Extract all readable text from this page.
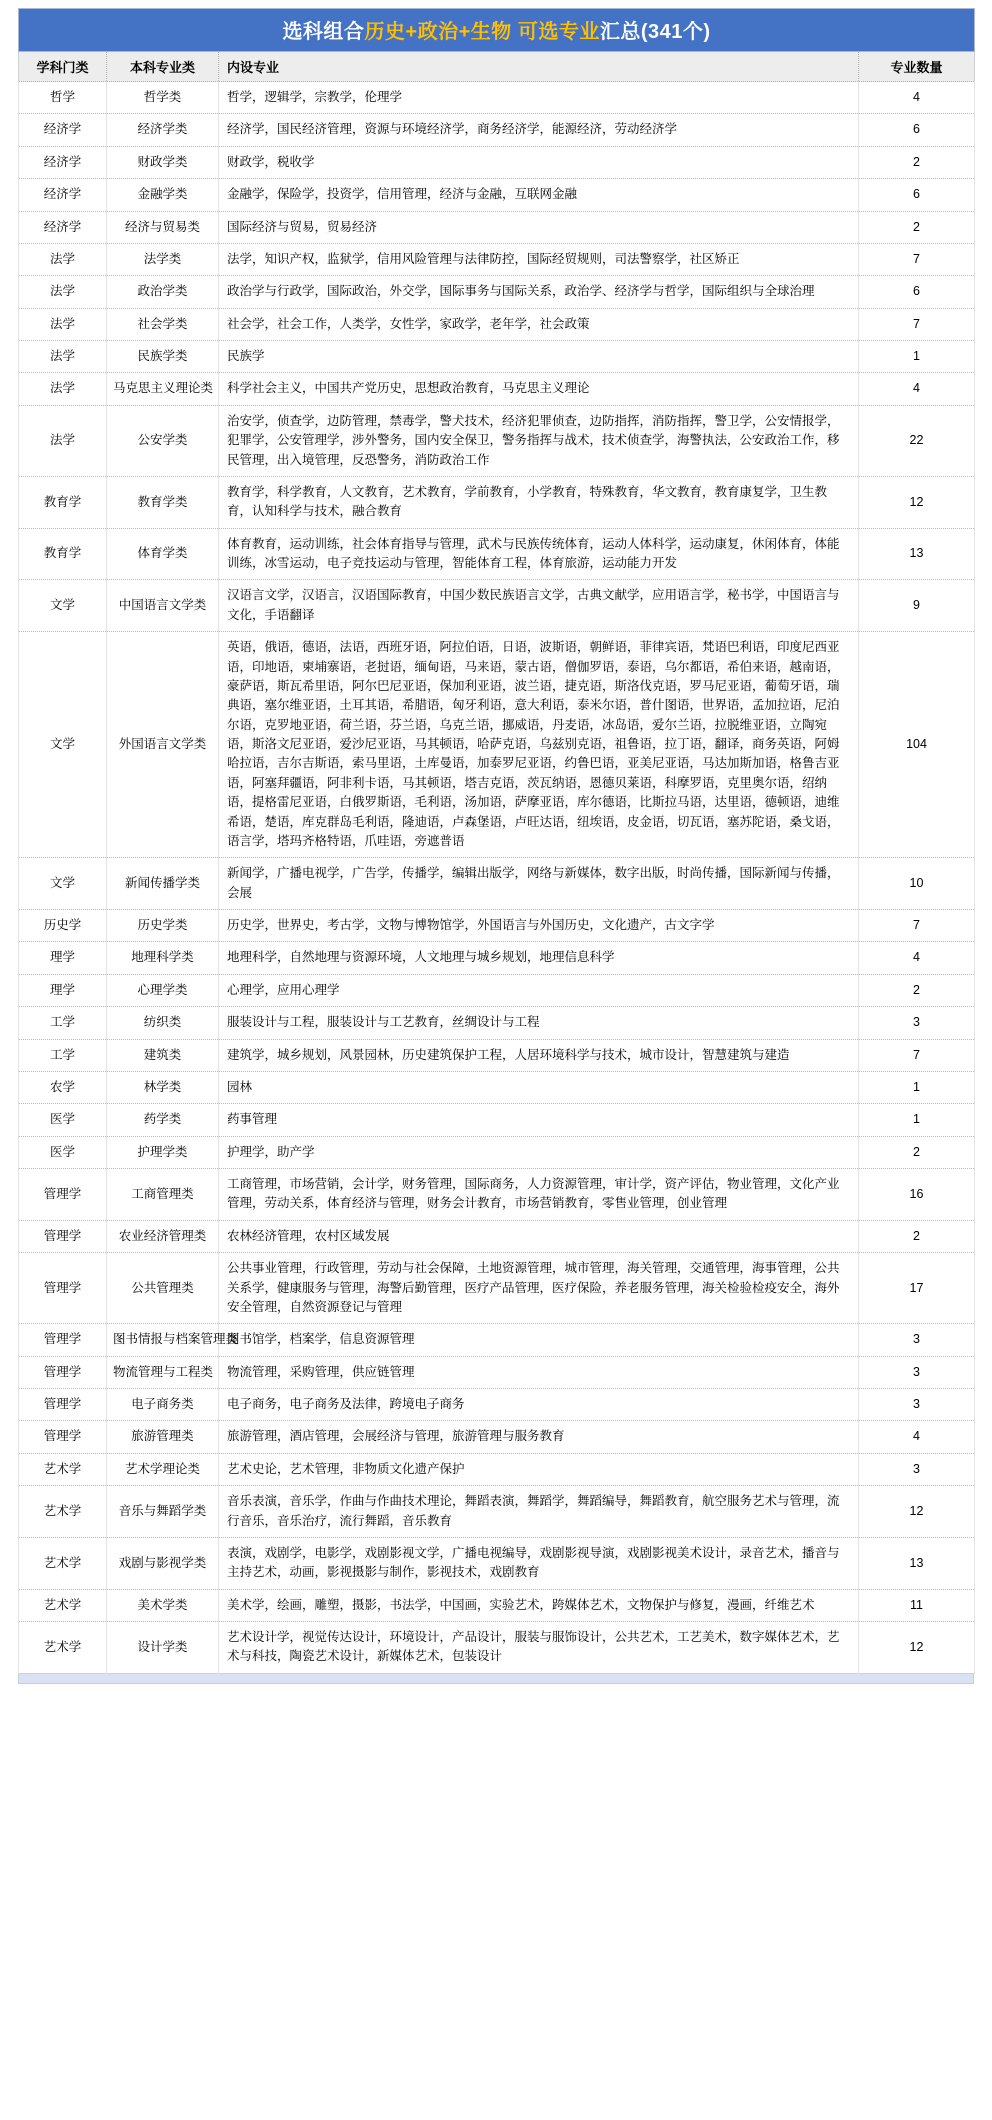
选科组合历史+政治+生物 可选专业汇总(341个)			
学科门类	本科专业类	内设专业	专业数量
哲学	哲学类	哲学，逻辑学，宗教学，伦理学	4
经济学	经济学类	经济学，国民经济管理，资源与环境经济学，商务经济学，能源经济，劳动经济学	6
经济学	财政学类	财政学，税收学	2
经济学	金融学类	金融学，保险学，投资学，信用管理，经济与金融，互联网金融	6
经济学	经济与贸易类	国际经济与贸易，贸易经济	2
法学	法学类	法学，知识产权，监狱学，信用风险管理与法律防控，国际经贸规则，司法警察学，社区矫正	7
法学	政治学类	政治学与行政学，国际政治，外交学，国际事务与国际关系，政治学、经济学与哲学，国际组织与全球治理	6
法学	社会学类	社会学，社会工作，人类学，女性学，家政学，老年学，社会政策	7
法学	民族学类	民族学	1
法学	马克思主义理论类	科学社会主义，中国共产党历史，思想政治教育，马克思主义理论	4
法学	公安学类	治安学，侦查学，边防管理，禁毒学，警犬技术，经济犯罪侦查，边防指挥，消防指挥，警卫学，公安情报学，犯罪学，公安管理学，涉外警务，国内安全保卫，警务指挥与战术，技术侦查学，海警执法，公安政治工作，移民管理，出入境管理，反恐警务，消防政治工作	22
教育学	教育学类	教育学，科学教育，人文教育，艺术教育，学前教育，小学教育，特殊教育，华文教育，教育康复学，卫生教育，认知科学与技术，融合教育	12
教育学	体育学类	体育教育，运动训练，社会体育指导与管理，武术与民族传统体育，运动人体科学，运动康复，休闲体育，体能训练，冰雪运动，电子竞技运动与管理，智能体育工程，体育旅游，运动能力开发	13
文学	中国语言文学类	汉语言文学，汉语言，汉语国际教育，中国少数民族语言文学，古典文献学，应用语言学，秘书学，中国语言与文化，手语翻译	9
文学	外国语言文学类	英语，俄语，德语，法语，西班牙语，阿拉伯语，日语，波斯语，朝鲜语，菲律宾语，梵语巴利语，印度尼西亚语，印地语，柬埔寨语，老挝语，缅甸语，马来语，蒙古语，僧伽罗语，泰语，乌尔都语，希伯来语，越南语，豪萨语，斯瓦希里语，阿尔巴尼亚语，保加利亚语，波兰语，捷克语，斯洛伐克语，罗马尼亚语，葡萄牙语，瑞典语，塞尔维亚语，土耳其语，希腊语，匈牙利语，意大利语，泰米尔语，普什图语，世界语，孟加拉语，尼泊尔语，克罗地亚语，荷兰语，芬兰语，乌克兰语，挪威语，丹麦语，冰岛语，爱尔兰语，拉脱维亚语，立陶宛语，斯洛文尼亚语，爱沙尼亚语，马其顿语，哈萨克语，乌兹别克语，祖鲁语，拉丁语，翻译，商务英语，阿姆哈拉语，吉尔吉斯语，索马里语，土库曼语，加泰罗尼亚语，约鲁巴语，亚美尼亚语，马达加斯加语，格鲁吉亚语，阿塞拜疆语，阿非利卡语，马其顿语，塔吉克语，茨瓦纳语，恩德贝莱语，科摩罗语，克里奥尔语，绍纳语，提格雷尼亚语，白俄罗斯语，毛利语，汤加语，萨摩亚语，库尔德语，比斯拉马语，达里语，德顿语，迪维希语，楚语，库克群岛毛利语，隆迪语，卢森堡语，卢旺达语，纽埃语，皮金语，切瓦语，塞苏陀语，桑戈语，语言学，塔玛齐格特语，爪哇语，旁遮普语	104
文学	新闻传播学类	新闻学，广播电视学，广告学，传播学，编辑出版学，网络与新媒体，数字出版，时尚传播，国际新闻与传播，会展	10
历史学	历史学类	历史学，世界史，考古学，文物与博物馆学，外国语言与外国历史，文化遗产，古文字学	7
理学	地理科学类	地理科学，自然地理与资源环境，人文地理与城乡规划，地理信息科学	4
理学	心理学类	心理学，应用心理学	2
工学	纺织类	服装设计与工程，服装设计与工艺教育，丝绸设计与工程	3
工学	建筑类	建筑学，城乡规划，风景园林，历史建筑保护工程，人居环境科学与技术，城市设计，智慧建筑与建造	7
农学	林学类	园林	1
医学	药学类	药事管理	1
医学	护理学类	护理学，助产学	2
管理学	工商管理类	工商管理，市场营销，会计学，财务管理，国际商务，人力资源管理，审计学，资产评估，物业管理，文化产业管理，劳动关系，体育经济与管理，财务会计教育，市场营销教育，零售业管理，创业管理	16
管理学	农业经济管理类	农林经济管理，农村区域发展	2
管理学	公共管理类	公共事业管理，行政管理，劳动与社会保障，土地资源管理，城市管理，海关管理，交通管理，海事管理，公共关系学，健康服务与管理，海警后勤管理，医疗产品管理，医疗保险，养老服务管理，海关检验检疫安全，海外安全管理，自然资源登记与管理	17
管理学	图书情报与档案管理类	图书馆学，档案学，信息资源管理	3
管理学	物流管理与工程类	物流管理，采购管理，供应链管理	3
管理学	电子商务类	电子商务，电子商务及法律，跨境电子商务	3
管理学	旅游管理类	旅游管理，酒店管理，会展经济与管理，旅游管理与服务教育	4
艺术学	艺术学理论类	艺术史论，艺术管理，非物质文化遗产保护	3
艺术学	音乐与舞蹈学类	音乐表演，音乐学，作曲与作曲技术理论，舞蹈表演，舞蹈学，舞蹈编导，舞蹈教育，航空服务艺术与管理，流行音乐，音乐治疗，流行舞蹈，音乐教育	12
艺术学	戏剧与影视学类	表演，戏剧学，电影学，戏剧影视文学，广播电视编导，戏剧影视导演，戏剧影视美术设计，录音艺术，播音与主持艺术，动画，影视摄影与制作，影视技术，戏剧教育	13
艺术学	美术学类	美术学，绘画，雕塑，摄影，书法学，中国画，实验艺术，跨媒体艺术，文物保护与修复，漫画，纤维艺术	11
艺术学	设计学类	艺术设计学，视觉传达设计，环境设计，产品设计，服装与服饰设计，公共艺术，工艺美术，数字媒体艺术，艺术与科技，陶瓷艺术设计，新媒体艺术，包装设计	12
